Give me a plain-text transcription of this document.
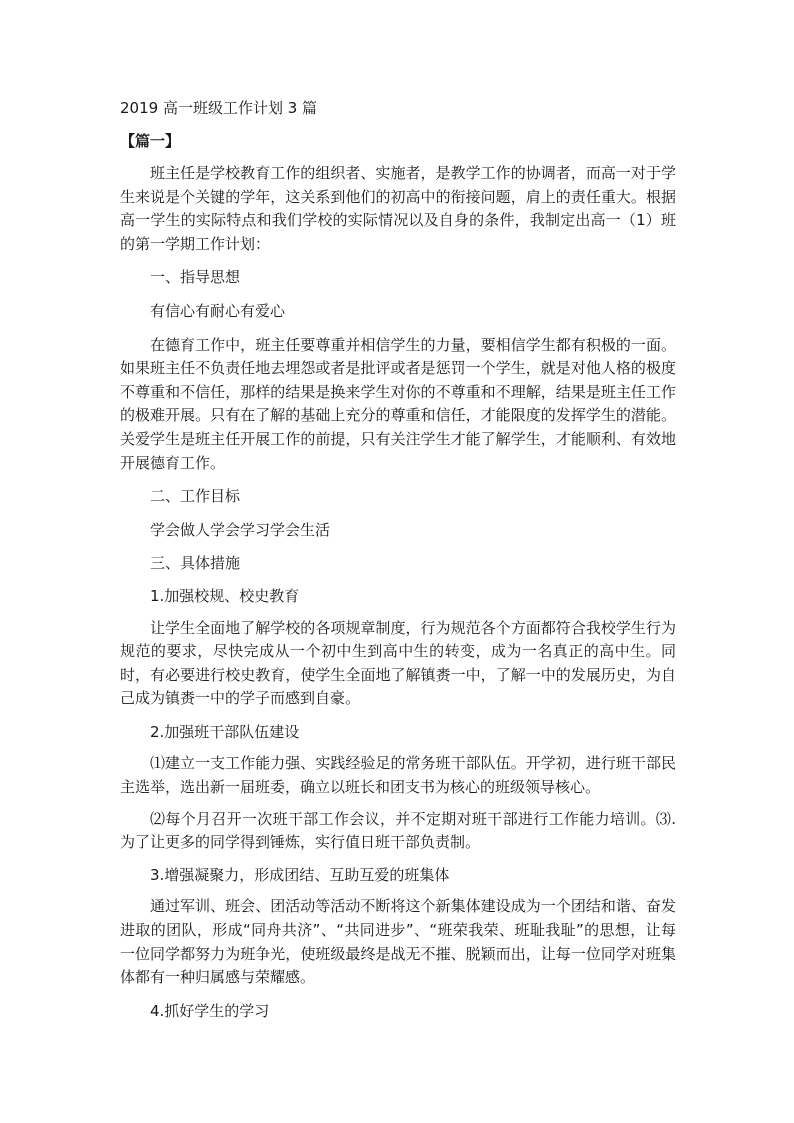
2019 高一班级工作计划 3 篇
【篇一】

班主任是学校教育工作的组织者、实施者，是教学工作的协调者，而高一对于学生来说是个关键的学年，这关系到他们的初高中的衔接问题，肩上的责任重大。根据高一学生的实际特点和我们学校的实际情况以及自身的条件，我制定出高一（1）班的第一学期工作计划：

一、指导思想

有信心有耐心有爱心

在德育工作中，班主任要尊重并相信学生的力量，要相信学生都有积极的一面。如果班主任不负责任地去埋怨或者是批评或者是惩罚一个学生，就是对他人格的极度不尊重和不信任，那样的结果是换来学生对你的不尊重和不理解，结果是班主任工作的极难开展。只有在了解的基础上充分的尊重和信任，才能限度的发挥学生的潜能。关爱学生是班主任开展工作的前提，只有关注学生才能了解学生，才能顺利、有效地开展德育工作。

二、工作目标

学会做人学会学习学会生活

三、具体措施

1.加强校规、校史教育

让学生全面地了解学校的各项规章制度，行为规范各个方面都符合我校学生行为规范的要求，尽快完成从一个初中生到高中生的转变，成为一名真正的高中生。同时，有必要进行校史教育，使学生全面地了解镇赉一中，了解一中的发展历史，为自己成为镇赉一中的学子而感到自豪。

2.加强班干部队伍建设

⑴建立一支工作能力强、实践经验足的常务班干部队伍。开学初，进行班干部民主选举，选出新一届班委，确立以班长和团支书为核心的班级领导核心。

⑵每个月召开一次班干部工作会议，并不定期对班干部进行工作能力培训。⑶.为了让更多的同学得到锤炼，实行值日班干部负责制。

3.增强凝聚力，形成团结、互助互爱的班集体

通过军训、班会、团活动等活动不断将这个新集体建设成为一个团结和谐、奋发进取的团队，形成“同舟共济”、“共同进步”、“班荣我荣、班耻我耻”的思想，让每一位同学都努力为班争光，使班级最终是战无不摧、脱颖而出，让每一位同学对班集体都有一种归属感与荣耀感。

4.抓好学生的学习
